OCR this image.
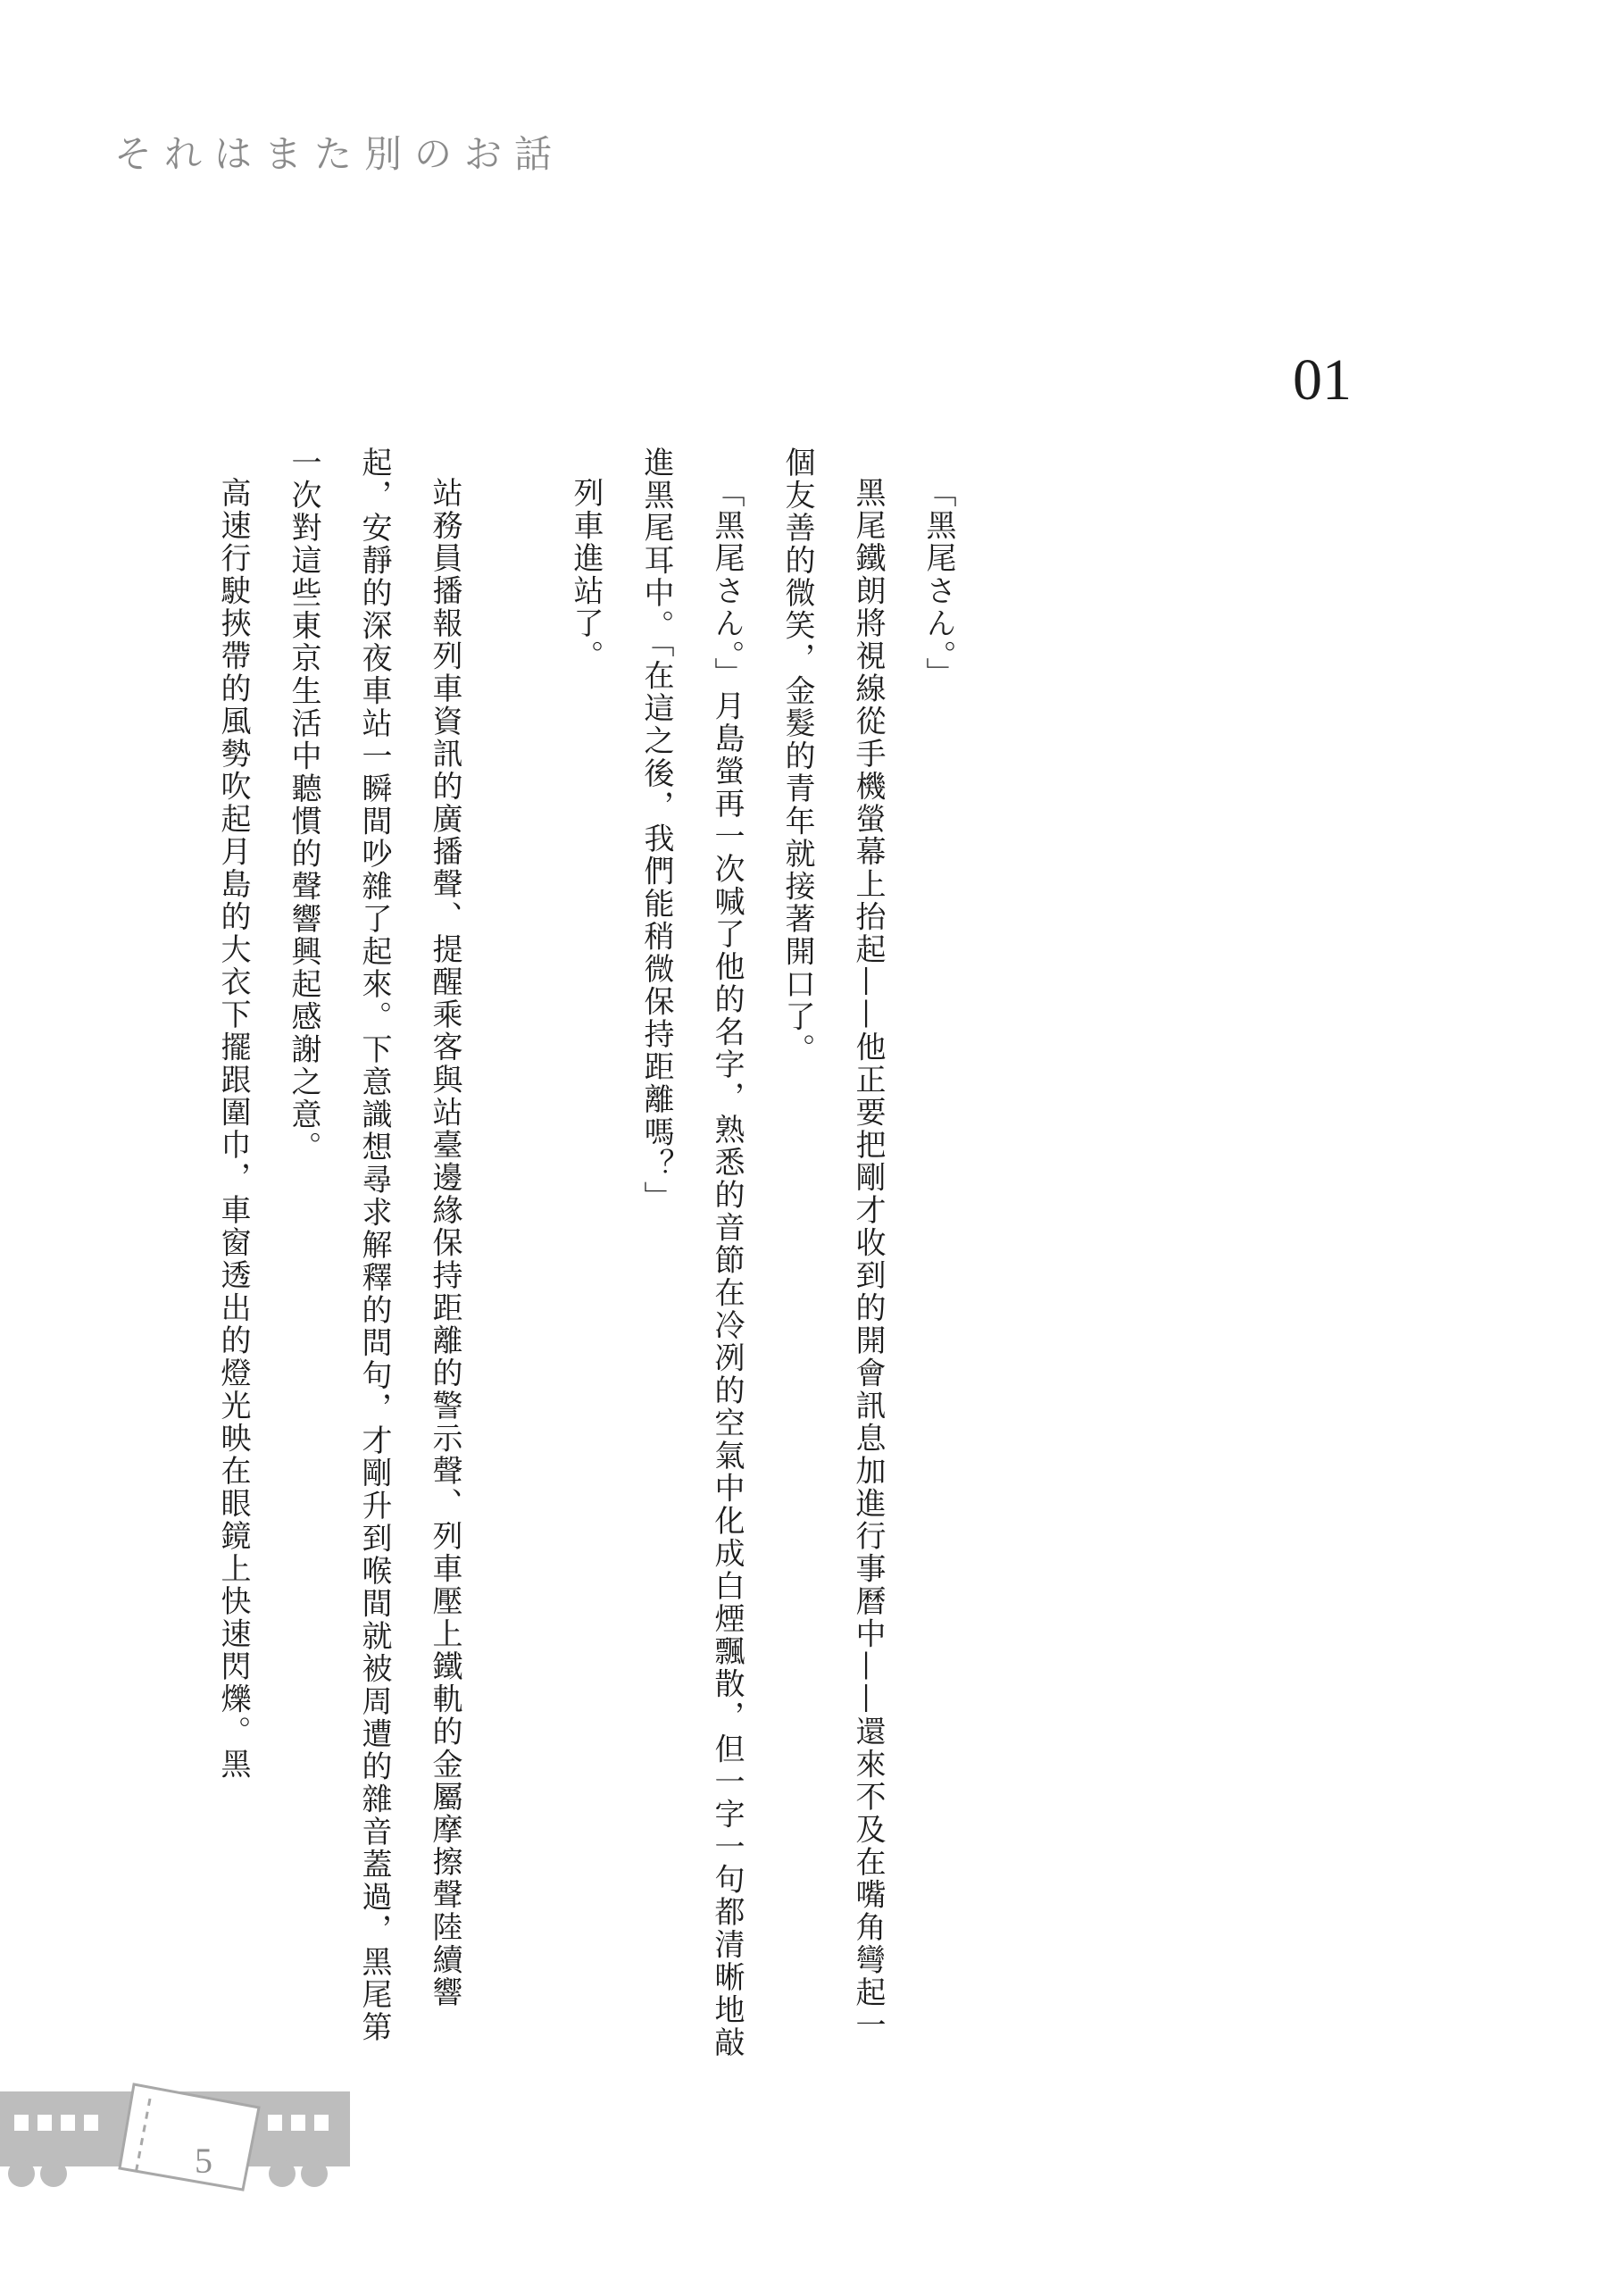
それはまた別のお話
01

「黑尾さん。」

黑尾鐵朗將視線從手機螢幕上抬起——他正要把剛才收到的開會訊息加進行事曆中——還來不及在嘴角彎起一個友善的微笑，金髮的青年就接著開口了。

「黑尾さん。」月島螢再一次喊了他的名字，熟悉的音節在冷冽的空氣中化成白煙飄散，但一字一句都清晰地敲進黑尾耳中。「在這之後，我們能稍微保持距離嗎？」

列車進站了。

站務員播報列車資訊的廣播聲、提醒乘客與站臺邊緣保持距離的警示聲、列車壓上鐵軌的金屬摩擦聲陸續響起，安靜的深夜車站一瞬間吵雜了起來。下意識想尋求解釋的問句，才剛升到喉間就被周遭的雜音蓋過，黑尾第一次對這些東京生活中聽慣的聲響興起感謝之意。

高速行駛挾帶的風勢吹起月島的大衣下擺跟圍巾，車窗透出的燈光映在眼鏡上快速閃爍。黑

5
